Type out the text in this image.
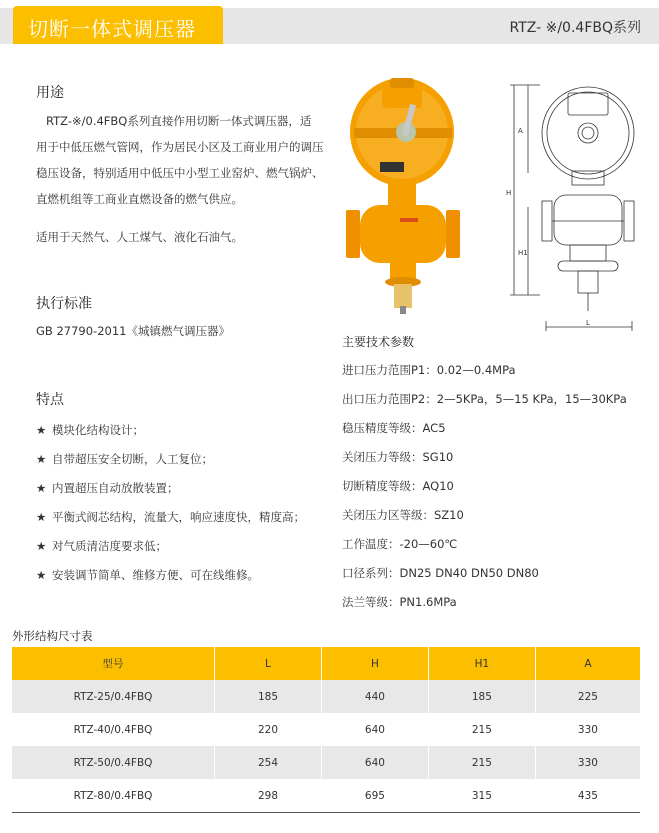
切断一体式调压器	RTZ- ※/0.4FBQ系列
用途
RTZ-※/0.4FBQ系列直接作用切断一体式调压器，适
用于中低压燃气管网，作为居民小区及工商业用户的调压
稳压设备，特别适用中低压中小型工业窑炉、燃气锅炉、
直燃机组等工商业直燃设备的燃气供应。
适用于天然气、人工煤气、液化石油气。
执行标准
GB 27790-2011《城镇燃气调压器》
特点
★ 模块化结构设计；
★ 自带超压安全切断，人工复位；
★ 内置超压自动放散装置；
★ 平衡式阀芯结构，流量大，响应速度快，精度高；
★ 对气质清洁度要求低；
★ 安装调节简单、维修方便、可在线维修。
A
H
H1
L
主要技术参数
进口压力范围P1：0.02—0.4MPa
出口压力范围P2：2—5KPa，5—15 KPa，15—30KPa
稳压精度等级：AC5
关闭压力等级：SG10
切断精度等级：AQ10
关闭压力区等级：SZ10
工作温度：-20—60℃
口径系列：DN25 DN40 DN50 DN80
法兰等级：PN1.6MPa
外形结构尺寸表
型号	L	H	H1	A
RTZ-25/0.4FBQ	185	440	185	225
RTZ-40/0.4FBQ	220	640	215	330
RTZ-50/0.4FBQ	254	640	215	330
RTZ-80/0.4FBQ	298	695	315	435
